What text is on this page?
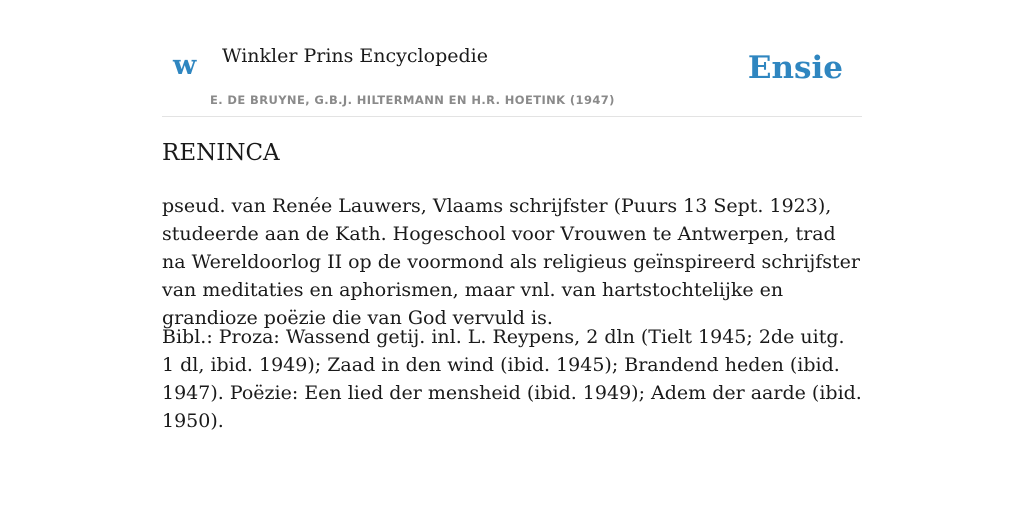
w Winkler Prins Encyclopedie
E. DE BRUYNE, G.B.J. HILTERMANN EN H.R. HOETINK (1947)
Ensie
RENINCA

pseud. van Renée Lauwers, Vlaams schrijfster (Puurs 13 Sept. 1923), studeerde aan de Kath. Hogeschool voor Vrouwen te Antwerpen, trad na Wereldoorlog II op de voormond als religieus geïnspireerd schrijfster van meditaties en aphorismen, maar vnl. van hartstochtelijke en grandioze poëzie die van God vervuld is.

Bibl.: Proza: Wassend getij. inl. L. Reypens, 2 dln (Tielt 1945; 2de uitg. 1 dl, ibid. 1949); Zaad in den wind (ibid. 1945); Brandend heden (ibid. 1947). Poëzie: Een lied der mensheid (ibid. 1949); Adem der aarde (ibid. 1950).
